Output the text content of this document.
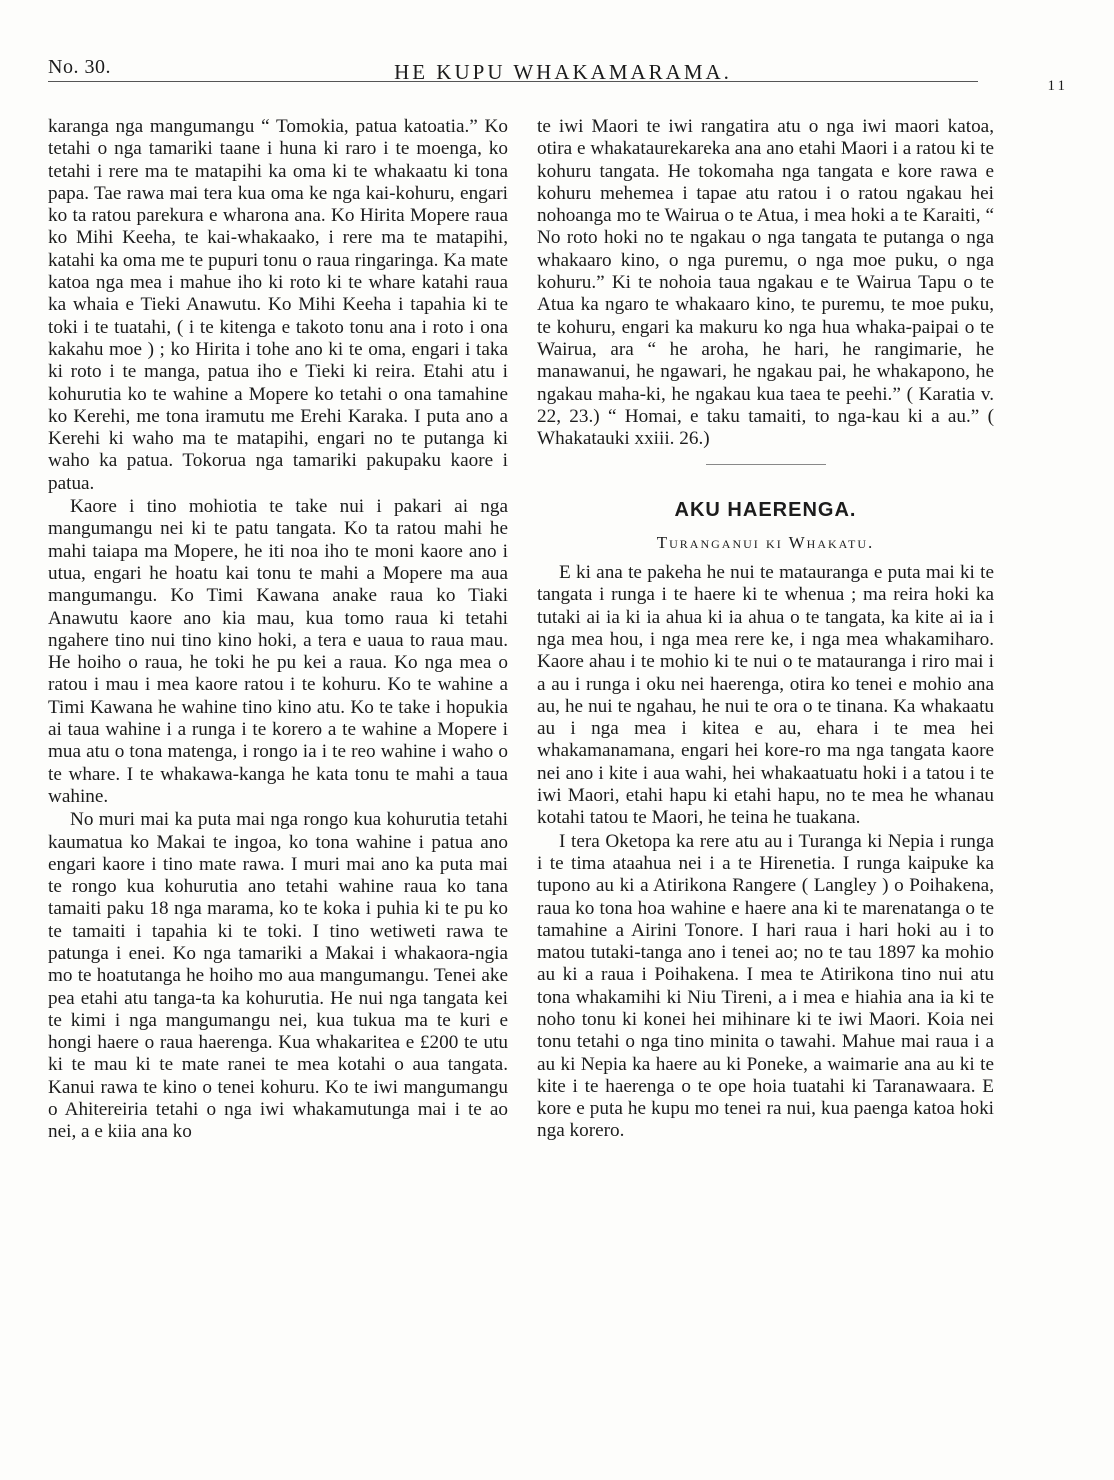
No. 30.	HE KUPU WHAKAMARAMA.
11

karanga nga mangumangu “ Tomokia, patua katoatia.” Ko tetahi o nga tamariki taane i huna ki raro i te moenga, ko tetahi i rere ma te matapihi ka oma ki te whakaatu ki tona papa. Tae rawa mai tera kua oma ke nga kai-kohuru, engari ko ta ratou parekura e wharona ana. Ko Hirita Mopere raua ko Mihi Keeha, te kai-whakaako, i rere ma te matapihi, katahi ka oma me te pupuri tonu o raua ringaringa. Ka mate katoa nga mea i mahue iho ki roto ki te whare katahi raua ka whaia e Tieki Anawutu. Ko Mihi Keeha i tapahia ki te toki i te tuatahi, ( i te kitenga e takoto tonu ana i roto i ona kakahu moe ) ; ko Hirita i tohe ano ki te oma, engari i taka ki roto i te manga, patua iho e Tieki ki reira. Etahi atu i kohurutia ko te wahine a Mopere ko tetahi o ona tamahine ko Kerehi, me tona iramutu me Erehi Karaka. I puta ano a Kerehi ki waho ma te matapihi, engari no te putanga ki waho ka patua. Tokorua nga tamariki pakupaku kaore i patua.

Kaore i tino mohiotia te take nui i pakari ai nga mangumangu nei ki te patu tangata. Ko ta ratou mahi he mahi taiapa ma Mopere, he iti noa iho te moni kaore ano i utua, engari he hoatu kai tonu te mahi a Mopere ma aua mangumangu. Ko Timi Kawana anake raua ko Tiaki Anawutu kaore ano kia mau, kua tomo raua ki tetahi ngahere tino nui tino kino hoki, a tera e uaua to raua mau. He hoiho o raua, he toki he pu kei a raua. Ko nga mea o ratou i mau i mea kaore ratou i te kohuru. Ko te wahine a Timi Kawana he wahine tino kino atu. Ko te take i hopukia ai taua wahine i a runga i te korero a te wahine a Mopere i mua atu o tona matenga, i rongo ia i te reo wahine i waho o te whare. I te whakawa-kanga he kata tonu te mahi a taua wahine.

No muri mai ka puta mai nga rongo kua kohurutia tetahi kaumatua ko Makai te ingoa, ko tona wahine i patua ano engari kaore i tino mate rawa. I muri mai ano ka puta mai te rongo kua kohurutia ano tetahi wahine raua ko tana tamaiti paku 18 nga marama, ko te koka i puhia ki te pu ko te tamaiti i tapahia ki te toki. I tino wetiweti rawa te patunga i enei. Ko nga tamariki a Makai i whakaora-ngia mo te hoatutanga he hoiho mo aua mangumangu. Tenei ake pea etahi atu tanga-ta ka kohurutia. He nui nga tangata kei te kimi i nga mangumangu nei, kua tukua ma te kuri e hongi haere o raua haerenga. Kua whakaritea e £200 te utu ki te mau ki te mate ranei te mea kotahi o aua tangata. Kanui rawa te kino o tenei kohuru. Ko te iwi mangumangu o Ahitereiria tetahi o nga iwi whakamutunga mai i te ao nei, a e kiia ana ko

te iwi Maori te iwi rangatira atu o nga iwi maori katoa, otira e whakataurekareka ana ano etahi Maori i a ratou ki te kohuru tangata. He tokomaha nga tangata e kore rawa e kohuru mehemea i tapae atu ratou i o ratou ngakau hei nohoanga mo te Wairua o te Atua, i mea hoki a te Karaiti, “ No roto hoki no te ngakau o nga tangata te putanga o nga whakaaro kino, o nga puremu, o nga moe puku, o nga kohuru.” Ki te nohoia taua ngakau e te Wairua Tapu o te Atua ka ngaro te whakaaro kino, te puremu, te moe puku, te kohuru, engari ka makuru ko nga hua whaka-paipai o te Wairua, ara “ he aroha, he hari, he rangimarie, he manawanui, he ngawari, he ngakau pai, he whakapono, he ngakau maha-ki, he ngakau kua taea te peehi.” ( Karatia v. 22, 23.) “ Homai, e taku tamaiti, to nga-kau ki a au.” ( Whakatauki xxiii. 26.)

AKU HAERENGA.
Turanganui ki Whakatu.

E ki ana te pakeha he nui te matauranga e puta mai ki te tangata i runga i te haere ki te whenua ; ma reira hoki ka tutaki ai ia ki ia ahua ki ia ahua o te tangata, ka kite ai ia i nga mea hou, i nga mea rere ke, i nga mea whakamiharo. Kaore ahau i te mohio ki te nui o te matauranga i riro mai i a au i runga i oku nei haerenga, otira ko tenei e mohio ana au, he nui te ngahau, he nui te ora o te tinana. Ka whakaatu au i nga mea i kitea e au, ehara i te mea hei whakamanamana, engari hei kore-ro ma nga tangata kaore nei ano i kite i aua wahi, hei whakaatuatu hoki i a tatou i te iwi Maori, etahi hapu ki etahi hapu, no te mea he whanau kotahi tatou te Maori, he teina he tuakana.

I tera Oketopa ka rere atu au i Turanga ki Nepia i runga i te tima ataahua nei i a te Hirenetia. I runga kaipuke ka tupono au ki a Atirikona Rangere ( Langley ) o Poihakena, raua ko tona hoa wahine e haere ana ki te marenatanga o te tamahine a Airini Tonore. I hari raua i hari hoki au i to matou tutaki-tanga ano i tenei ao; no te tau 1897 ka mohio au ki a raua i Poihakena. I mea te Atirikona tino nui atu tona whakamihi ki Niu Tireni, a i mea e hiahia ana ia ki te noho tonu ki konei hei mihinare ki te iwi Maori. Koia nei tonu tetahi o nga tino minita o tawahi. Mahue mai raua i a au ki Nepia ka haere au ki Poneke, a waimarie ana au ki te kite i te haerenga o te ope hoia tuatahi ki Taranawaara. E kore e puta he kupu mo tenei ra nui, kua paenga katoa hoki nga korero.
